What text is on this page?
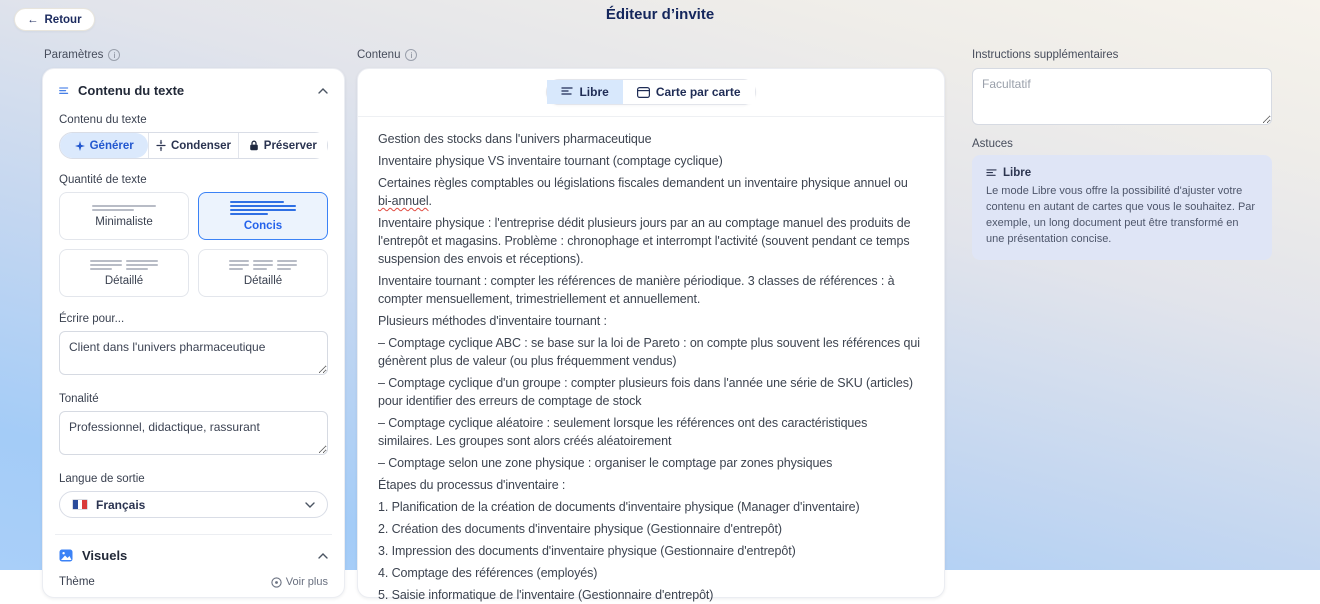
← Retour	Éditeur d’invite
Paramètres	i	Contenu	i	Instructions supplémentaires
Astuces
Contenu du texte
Contenu du texte
Générer	Condenser	Préserver
Quantité de texte
Minimaliste	Concis
Détaillé	Détaillé
Écrire pour...
Client dans l'univers pharmaceutique
Tonalité
Professionnel, didactique, rassurant
Langue de sortie
Français
Visuels
Thème	Voir plus
Libre	Carte par carte

Gestion des stocks dans l'univers pharmaceutique

Inventaire physique VS inventaire tournant (comptage cyclique)

Certaines règles comptables ou législations fiscales demandent un inventaire physique annuel ou bi-annuel.

Inventaire physique : l'entreprise dédit plusieurs jours par an au comptage manuel des produits de l'entrepôt et magasins. Problème : chronophage et interrompt l'activité (souvent pendant ce temps suspension des envois et réceptions).

Inventaire tournant : compter les références de manière périodique. 3 classes de références : à compter mensuellement, trimestriellement et annuellement.

Plusieurs méthodes d'inventaire tournant :

– Comptage cyclique ABC : se base sur la loi de Pareto : on compte plus souvent les références qui génèrent plus de valeur (ou plus fréquemment vendus)

– Comptage cyclique d'un groupe : compter plusieurs fois dans l'année une série de SKU (articles) pour identifier des erreurs de comptage de stock

– Comptage cyclique aléatoire : seulement lorsque les références ont des caractéristiques similaires. Les groupes sont alors créés aléatoirement

– Comptage selon une zone physique : organiser le comptage par zones physiques

Étapes du processus d'inventaire :

1. Planification de la création de documents d'inventaire physique (Manager d'inventaire)

2. Création des documents d'inventaire physique (Gestionnaire d'entrepôt)

3. Impression des documents d'inventaire physique (Gestionnaire d'entrepôt)

4. Comptage des références (employés)

5. Saisie informatique de l'inventaire (Gestionnaire d'entrepôt)

Facultatif
Libre
Le mode Libre vous offre la possibilité d'ajuster votre contenu en autant de cartes que vous le souhaitez. Par exemple, un long document peut être transformé en une présentation concise.
